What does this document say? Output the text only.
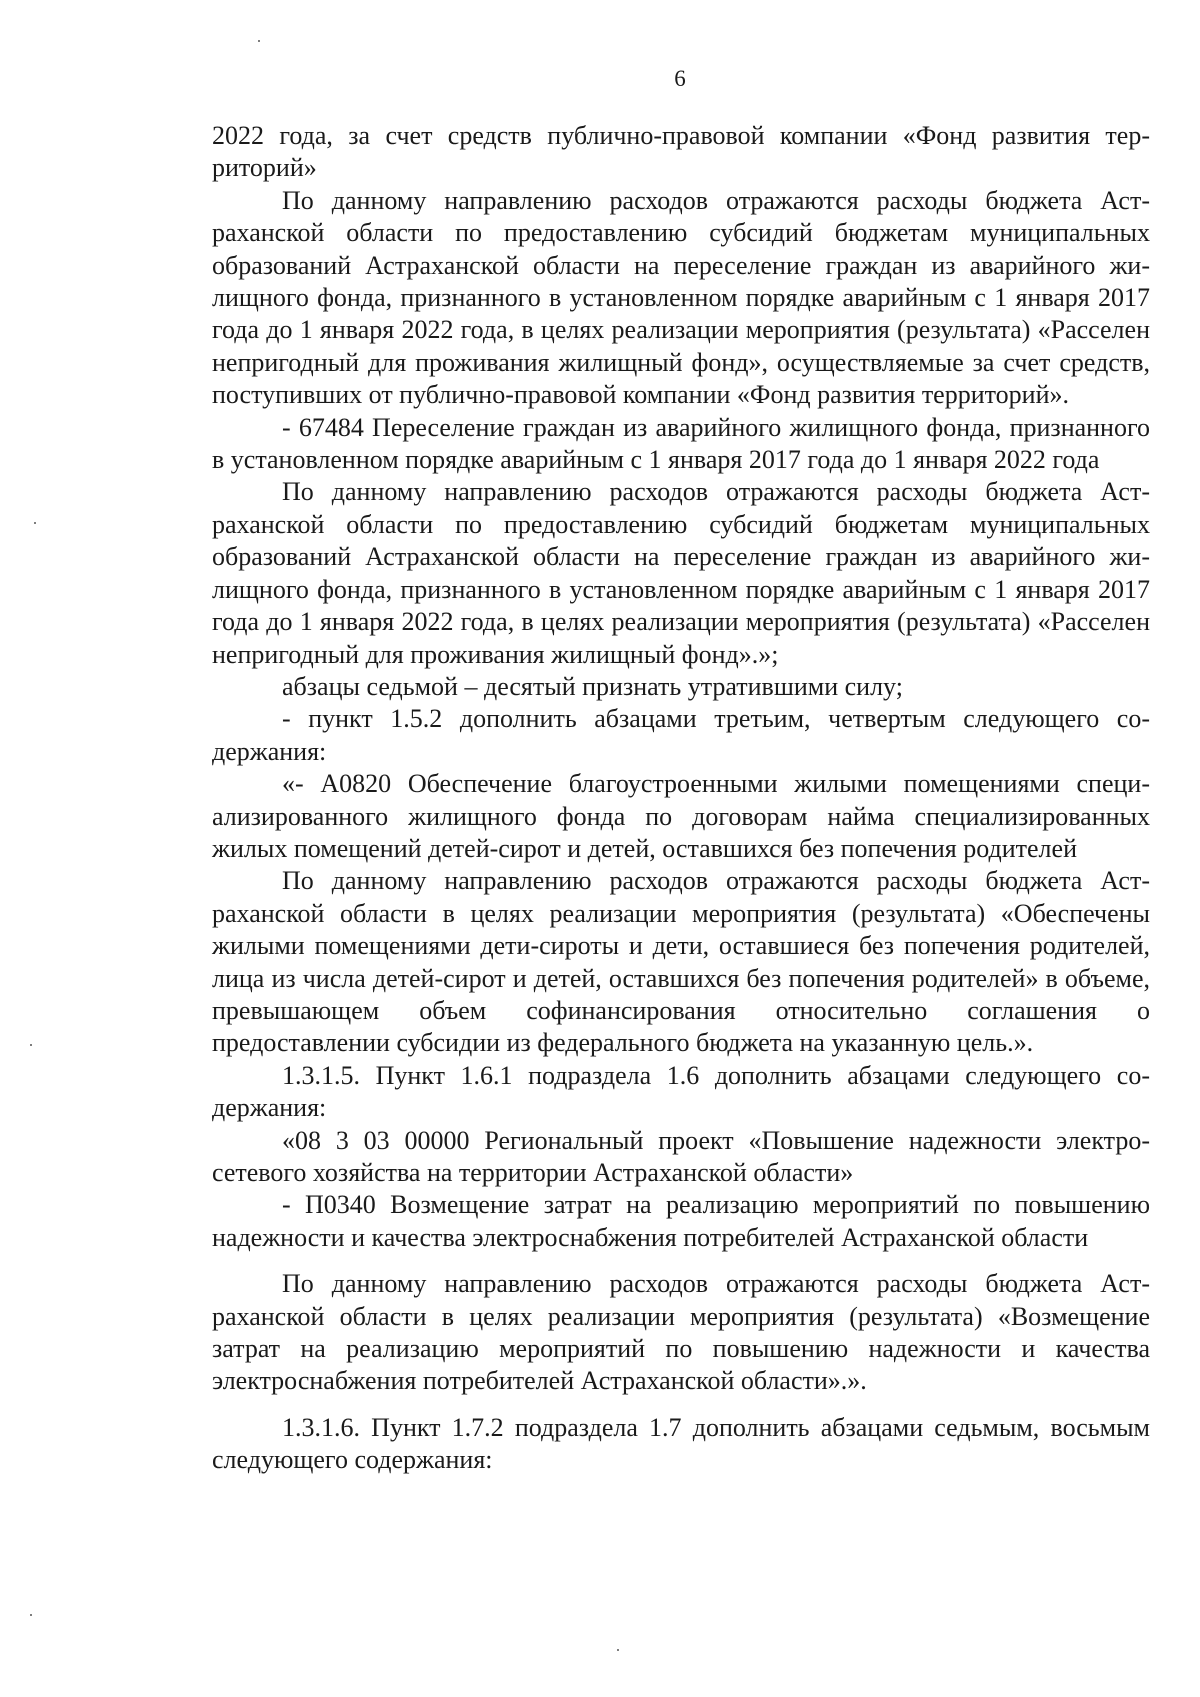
6

2022 года, за счет средств публично-правовой компании «Фонд развития территорий»

По данному направлению расходов отражаются расходы бюджета Астраханской области по предоставлению субсидий бюджетам муниципальных образований Астраханской области на переселение граждан из аварийного жилищного фонда, признанного в установленном порядке аварийным с 1 января 2017 года до 1 января 2022 года, в целях реализации мероприятия (результата) «Расселен непригодный для проживания жилищный фонд», осуществляемые за счет средств, поступивших от публично-правовой компании «Фонд развития территорий».

- 67484 Переселение граждан из аварийного жилищного фонда, признанного в установленном порядке аварийным с 1 января 2017 года до 1 января 2022 года

По данному направлению расходов отражаются расходы бюджета Астраханской области по предоставлению субсидий бюджетам муниципальных образований Астраханской области на переселение граждан из аварийного жилищного фонда, признанного в установленном порядке аварийным с 1 января 2017 года до 1 января 2022 года, в целях реализации мероприятия (результата) «Расселен непригодный для проживания жилищный фонд».»;

абзацы седьмой – десятый признать утратившими силу;

- пункт 1.5.2 дополнить абзацами третьим, четвертым следующего содержания:

«- А0820 Обеспечение благоустроенными жилыми помещениями специализированного жилищного фонда по договорам найма специализированных жилых помещений детей-сирот и детей, оставшихся без попечения родителей

По данному направлению расходов отражаются расходы бюджета Астраханской области в целях реализации мероприятия (результата) «Обеспечены жилыми помещениями дети-сироты и дети, оставшиеся без попечения родителей, лица из числа детей-сирот и детей, оставшихся без попечения родителей» в объеме, превышающем объем софинансирования относительно соглашения о предоставлении субсидии из федерального бюджета на указанную цель.».

1.3.1.5. Пункт 1.6.1 подраздела 1.6 дополнить абзацами следующего содержания:

«08 3 03 00000 Региональный проект «Повышение надежности электросетевого хозяйства на территории Астраханской области»

- П0340 Возмещение затрат на реализацию мероприятий по повышению надежности и качества электроснабжения потребителей Астраханской области

По данному направлению расходов отражаются расходы бюджета Астраханской области в целях реализации мероприятия (результата) «Возмещение затрат на реализацию мероприятий по повышению надежности и качества электроснабжения потребителей Астраханской области».».

1.3.1.6. Пункт 1.7.2 подраздела 1.7 дополнить абзацами седьмым, восьмым следующего содержания:
